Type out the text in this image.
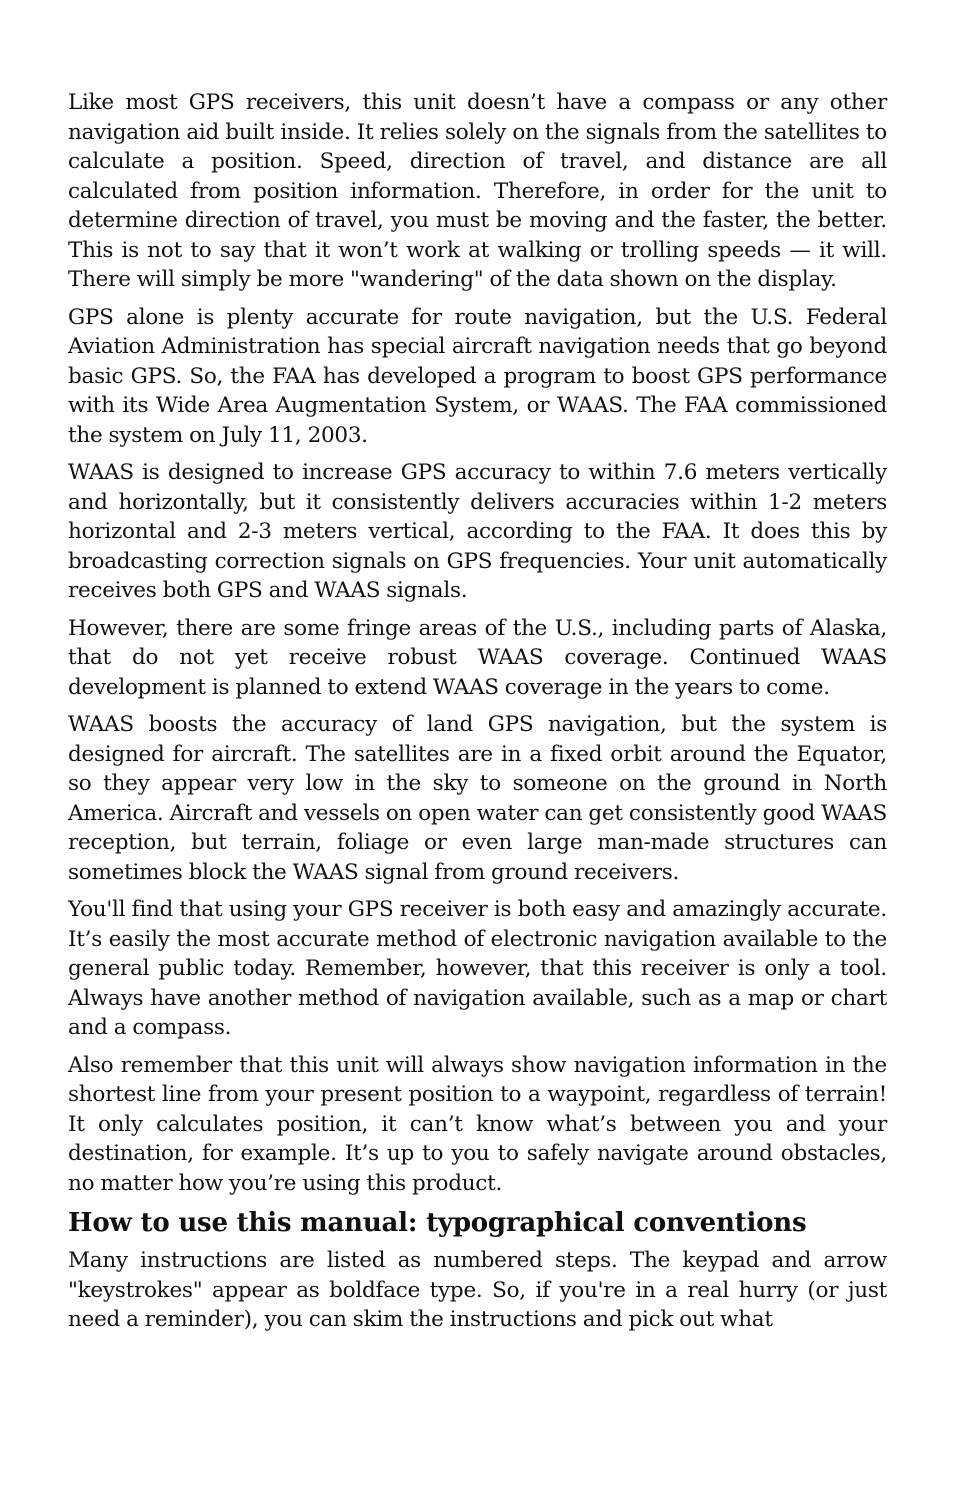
Like most GPS receivers, this unit doesn’t have a compass or any other navigation aid built inside. It relies solely on the signals from the satellites to calculate a position. Speed, direction of travel, and distance are all calculated from position information. Therefore, in order for the unit to determine direction of travel, you must be moving and the faster, the better. This is not to say that it won’t work at walking or trolling speeds — it will. There will simply be more "wandering" of the data shown on the display.

GPS alone is plenty accurate for route navigation, but the U.S. Federal Aviation Administration has special aircraft navigation needs that go beyond basic GPS. So, the FAA has developed a program to boost GPS performance with its Wide Area Augmentation System, or WAAS. The FAA commissioned the system on July 11, 2003.

WAAS is designed to increase GPS accuracy to within 7.6 meters vertically and horizontally, but it consistently delivers accuracies within 1-2 meters horizontal and 2-3 meters vertical, according to the FAA. It does this by broadcasting correction signals on GPS frequencies. Your unit automatically receives both GPS and WAAS signals.

However, there are some fringe areas of the U.S., including parts of Alaska, that do not yet receive robust WAAS coverage. Continued WAAS development is planned to extend WAAS coverage in the years to come.

WAAS boosts the accuracy of land GPS navigation, but the system is designed for aircraft. The satellites are in a fixed orbit around the Equator, so they appear very low in the sky to someone on the ground in North America. Aircraft and vessels on open water can get consistently good WAAS reception, but terrain, foliage or even large man-made structures can sometimes block the WAAS signal from ground receivers.

You'll find that using your GPS receiver is both easy and amazingly accurate. It’s easily the most accurate method of electronic navigation available to the general public today. Remember, however, that this receiver is only a tool. Always have another method of navigation available, such as a map or chart and a compass.

Also remember that this unit will always show navigation information in the shortest line from your present position to a waypoint, regardless of terrain! It only calculates position, it can’t know what’s between you and your destination, for example. It’s up to you to safely navigate around obstacles, no matter how you’re using this product.

How to use this manual: typographical conventions

Many instructions are listed as numbered steps. The keypad and arrow "keystrokes" appear as boldface type. So, if you're in a real hurry (or just need a reminder), you can skim the instructions and pick out what
